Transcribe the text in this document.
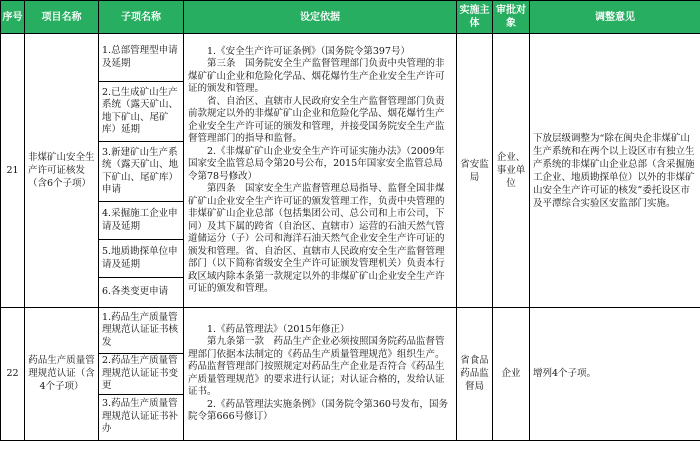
序号	项目名称	子项名称	设定依据	实施主体	审批对象	调整意见
21	非煤矿山安全生产许可证核发（含6个子项）	1.总部管理型申请及延期	1.《安全生产许可证条例》（国务院令第397号）
第三条　国务院安全生产监督管理部门负责中央管理的非煤矿矿山企业和危险化学品、烟花爆竹生产企业安全生产许可证的颁发和管理。
省、自治区、直辖市人民政府安全生产监督管理部门负责前款规定以外的非煤矿矿山企业和危险化学品、烟花爆竹生产企业安全生产许可证的颁发和管理，并接受国务院安全生产监督管理部门的指导和监督。
2.《非煤矿矿山企业安全生产许可证实施办法》（2009年国家安全监管总局令第20号公布，2015年国家安全监管总局令第78号修改）
第四条　国家安全生产监督管理总局指导、监督全国非煤矿矿山企业安全生产许可证的颁发管理工作，负责中央管理的非煤矿矿山企业总部（包括集团公司、总公司和上市公司，下同）及其下属的跨省（自治区、直辖市）运营的石油天然气管道储运分（子）公司和海洋石油天然气企业安全生产许可证的颁发和管理。省、自治区、直辖市人民政府安全生产监督管理部门（以下简称省级安全生产许可证颁发管理机关）负责本行政区域内除本条第一款规定以外的非煤矿矿山企业安全生产许可证的颁发和管理。	省安监局	企业、事业单位	下放层级调整为“除在闽央企非煤矿山生产系统和在两个以上设区市有独立生产系统的非煤矿山企业总部（含采掘施工企业、地质勘探单位）以外的非煤矿山安全生产许可证的核发”委托设区市及平潭综合实验区安监部门实施。
		2.已生成矿山生产系统（露天矿山、地下矿山、尾矿库）延期				
		3.新建矿山生产系统（露天矿山、地下矿山、尾矿库）申请				
		4.采掘施工企业申请及延期				
		5.地质勘探单位申请及延期				
		6.各类变更申请				
22	药品生产质量管理规范认证（含4个子项）	1.药品生产质量管理规范认证证书核发	1.《药品管理法》（2015年修正）
第九条第一款　药品生产企业必须按照国务院药品监督管理部门依据本法制定的《药品生产质量管理规范》组织生产。药品监督管理部门按照规定对药品生产企业是否符合《药品生产质量管理规范》的要求进行认证；对认证合格的，发给认证证书。
2.《药品管理法实施条例》（国务院令第360号发布，国务院令第666号修订）	省食品药品监督局	企业	增列4个子项。
		2.药品生产质量管理规范认证证书变更				
		3.药品生产质量管理规范认证证书补办				
